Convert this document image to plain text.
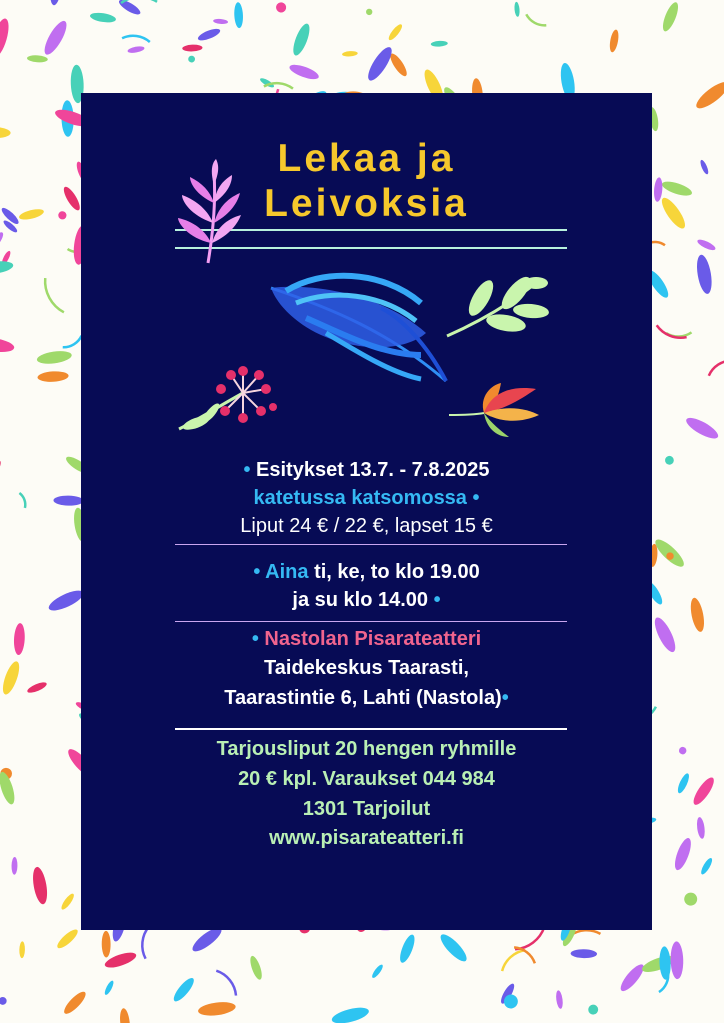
Lekaa ja
Leivoksia
• Esitykset 13.7. - 7.8.2025
katetussa katsomossa •
Liput 24 € / 22 €, lapset 15 €
• Aina ti, ke, to klo 19.00
ja su klo 14.00 •
• Nastolan Pisarateatteri
Taidekeskus Taarasti,
Taarastintie 6, Lahti (Nastola)•
Tarjousliput 20 hengen ryhmille
20 € kpl. Varaukset 044 984
1301 Tarjoilut
www.pisarateatteri.fi
